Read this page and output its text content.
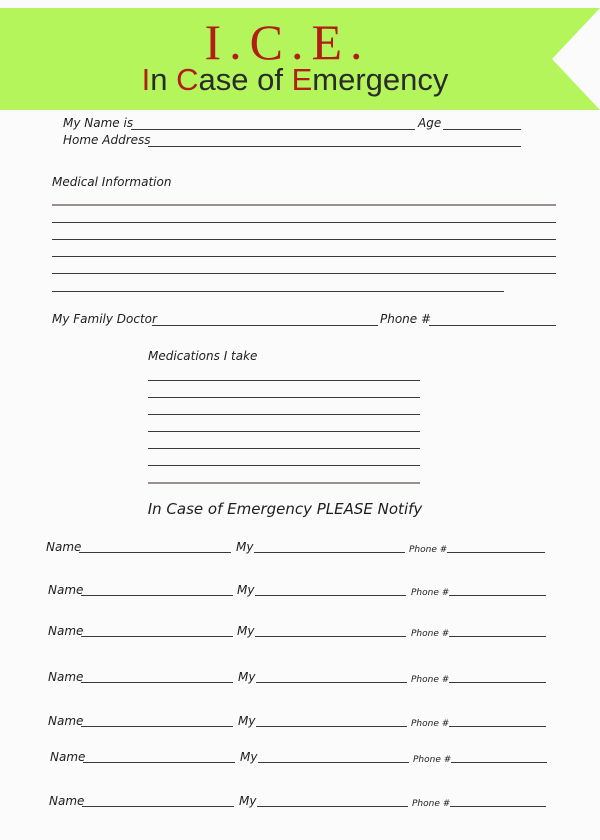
I.C.E.
In Case of Emergency
My Name is	Age
Home Address
Medical Information
My Family Doctor	Phone #
Medications I take
In Case of Emergency PLEASE Notify
Name	My	Phone #
Name	My	Phone #
Name	My	Phone #
Name	My	Phone #
Name	My	Phone #
Name	My	Phone #
Name	My	Phone #
